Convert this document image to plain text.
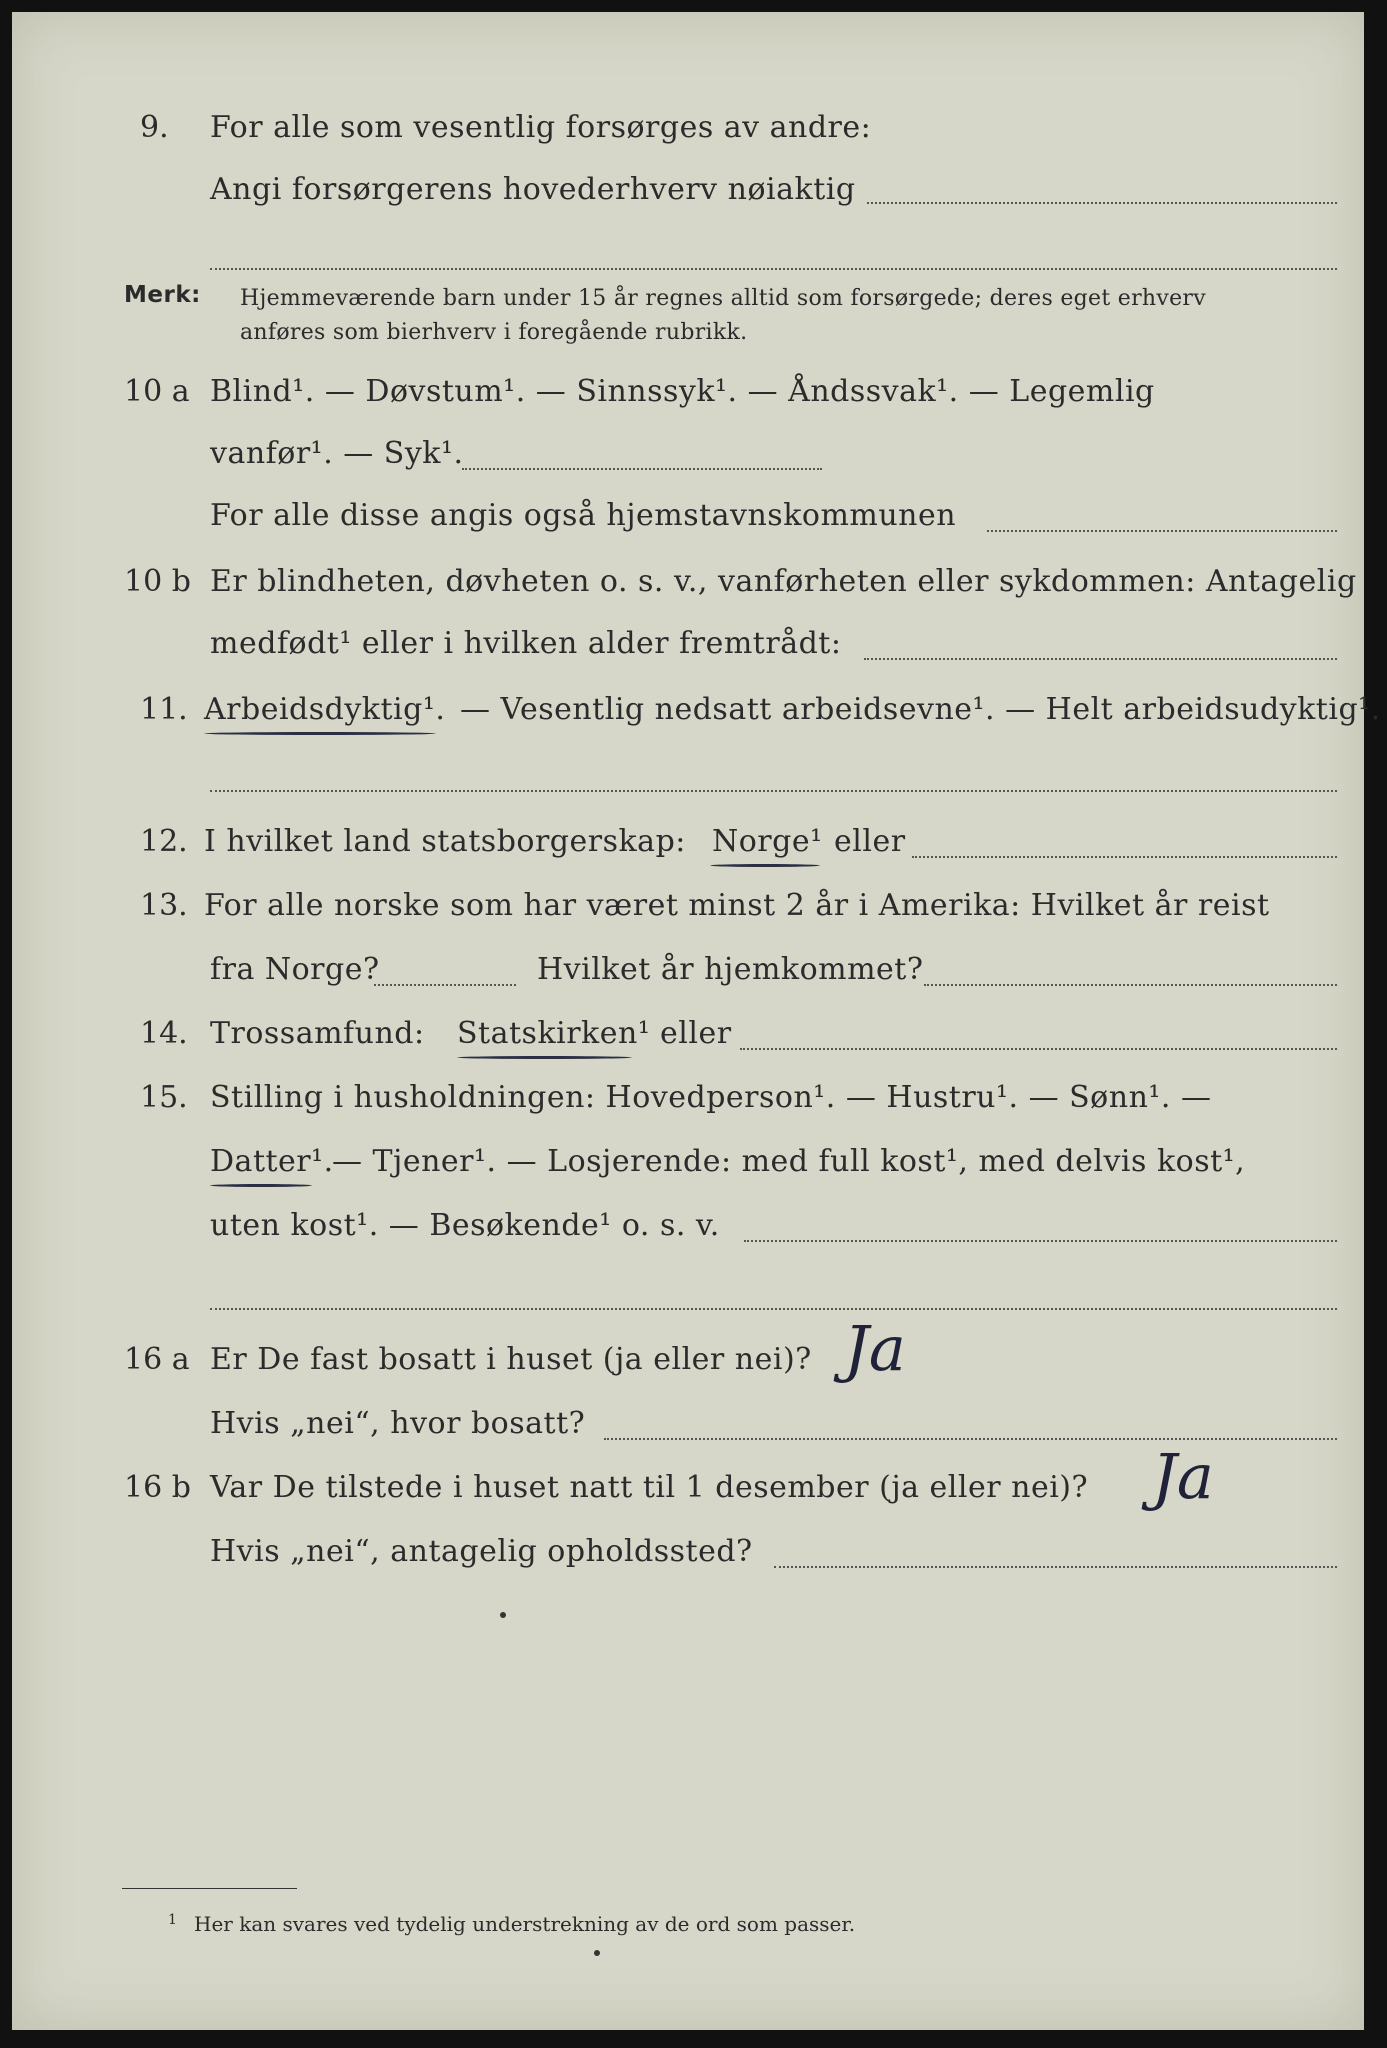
9. For alle som vesentlig forsørges av andre:
Angi forsørgerens hovederhverv nøiaktig
Merk: Hjemmeværende barn under 15 år regnes alltid som forsørgede; deres eget erhverv
anføres som bierhverv i foregående rubrikk.
10 a Blind¹. — Døvstum¹. — Sinnssyk¹. — Åndssvak¹. — Legemlig
vanfør¹. — Syk¹.
For alle disse angis også hjemstavnskommunen
10 b Er blindheten, døvheten o. s. v., vanførheten eller sykdommen: Antagelig
medfødt¹ eller i hvilken alder fremtrådt:
11. Arbeidsdyktig¹. — Vesentlig nedsatt arbeidsevne¹. — Helt arbeidsudyktig¹.
12. I hvilket land statsborgerskap: Norge¹ eller
13. For alle norske som har været minst 2 år i Amerika: Hvilket år reist
fra Norge?	Hvilket år hjemkommet?
14. Trossamfund: Statskirken¹ eller
15. Stilling i husholdningen: Hovedperson¹. — Hustru¹. — Sønn¹. —
Datter¹.
— Tjener¹. — Losjerende: med full kost¹, med delvis kost¹,
uten kost¹. — Besøkende¹ o. s. v.
16 a Er De fast bosatt i huset (ja eller nei)? Ja
Hvis „nei“, hvor bosatt?
16 b Var De tilstede i huset natt til 1 desember (ja eller nei)? Ja
Hvis „nei“, antagelig opholdssted?
1 Her kan svares ved tydelig understrekning av de ord som passer.
